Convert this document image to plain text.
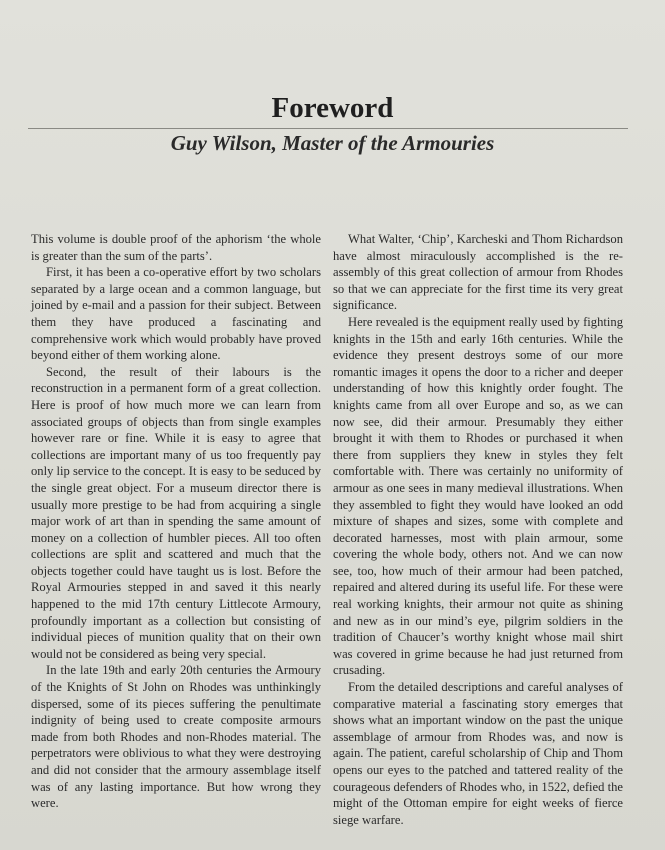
Foreword
Guy Wilson, Master of the Armouries

This volume is double proof of the aphorism ‘the whole is greater than the sum of the parts’.

First, it has been a co-operative effort by two scholars separated by a large ocean and a common language, but joined by e-mail and a passion for their subject. Between them they have produced a fascinating and comprehensive work which would probably have proved beyond either of them working alone.

Second, the result of their labours is the reconstruction in a permanent form of a great collection. Here is proof of how much more we can learn from associated groups of objects than from single examples however rare or fine. While it is easy to agree that collections are important many of us too frequently pay only lip service to the concept. It is easy to be seduced by the single great object. For a museum director there is usually more prestige to be had from acquiring a single major work of art than in spending the same amount of money on a collection of humbler pieces. All too often collections are split and scattered and much that the objects together could have taught us is lost. Before the Royal Armouries stepped in and saved it this nearly happened to the mid 17th century Littlecote Armoury, profoundly important as a collection but consisting of individual pieces of munition quality that on their own would not be considered as being very special.

In the late 19th and early 20th centuries the Armoury of the Knights of St John on Rhodes was unthinkingly dispersed, some of its pieces suffering the penultimate indignity of being used to create composite armours made from both Rhodes and non-Rhodes material. The perpetrators were oblivious to what they were destroying and did not consider that the armoury assemblage itself was of any lasting importance. But how wrong they were.

What Walter, ‘Chip’, Karcheski and Thom Richardson have almost miraculously accomplished is the re-assembly of this great collection of armour from Rhodes so that we can appreciate for the first time its very great significance.

Here revealed is the equipment really used by fighting knights in the 15th and early 16th centuries. While the evidence they present destroys some of our more romantic images it opens the door to a richer and deeper understanding of how this knightly order fought. The knights came from all over Europe and so, as we can now see, did their armour. Presumably they either brought it with them to Rhodes or purchased it when there from suppliers they knew in styles they felt comfortable with. There was certainly no uniformity of armour as one sees in many medieval illustrations. When they assembled to fight they would have looked an odd mixture of shapes and sizes, some with complete and decorated harnesses, most with plain armour, some covering the whole body, others not. And we can now see, too, how much of their armour had been patched, repaired and altered during its useful life. For these were real working knights, their armour not quite as shining and new as in our mind’s eye, pilgrim soldiers in the tradition of Chaucer’s worthy knight whose mail shirt was covered in grime because he had just returned from crusading.

From the detailed descriptions and careful analyses of comparative material a fascinating story emerges that shows what an important window on the past the unique assemblage of armour from Rhodes was, and now is again. The patient, careful scholarship of Chip and Thom opens our eyes to the patched and tattered reality of the courageous defenders of Rhodes who, in 1522, defied the might of the Ottoman empire for eight weeks of fierce siege warfare.
